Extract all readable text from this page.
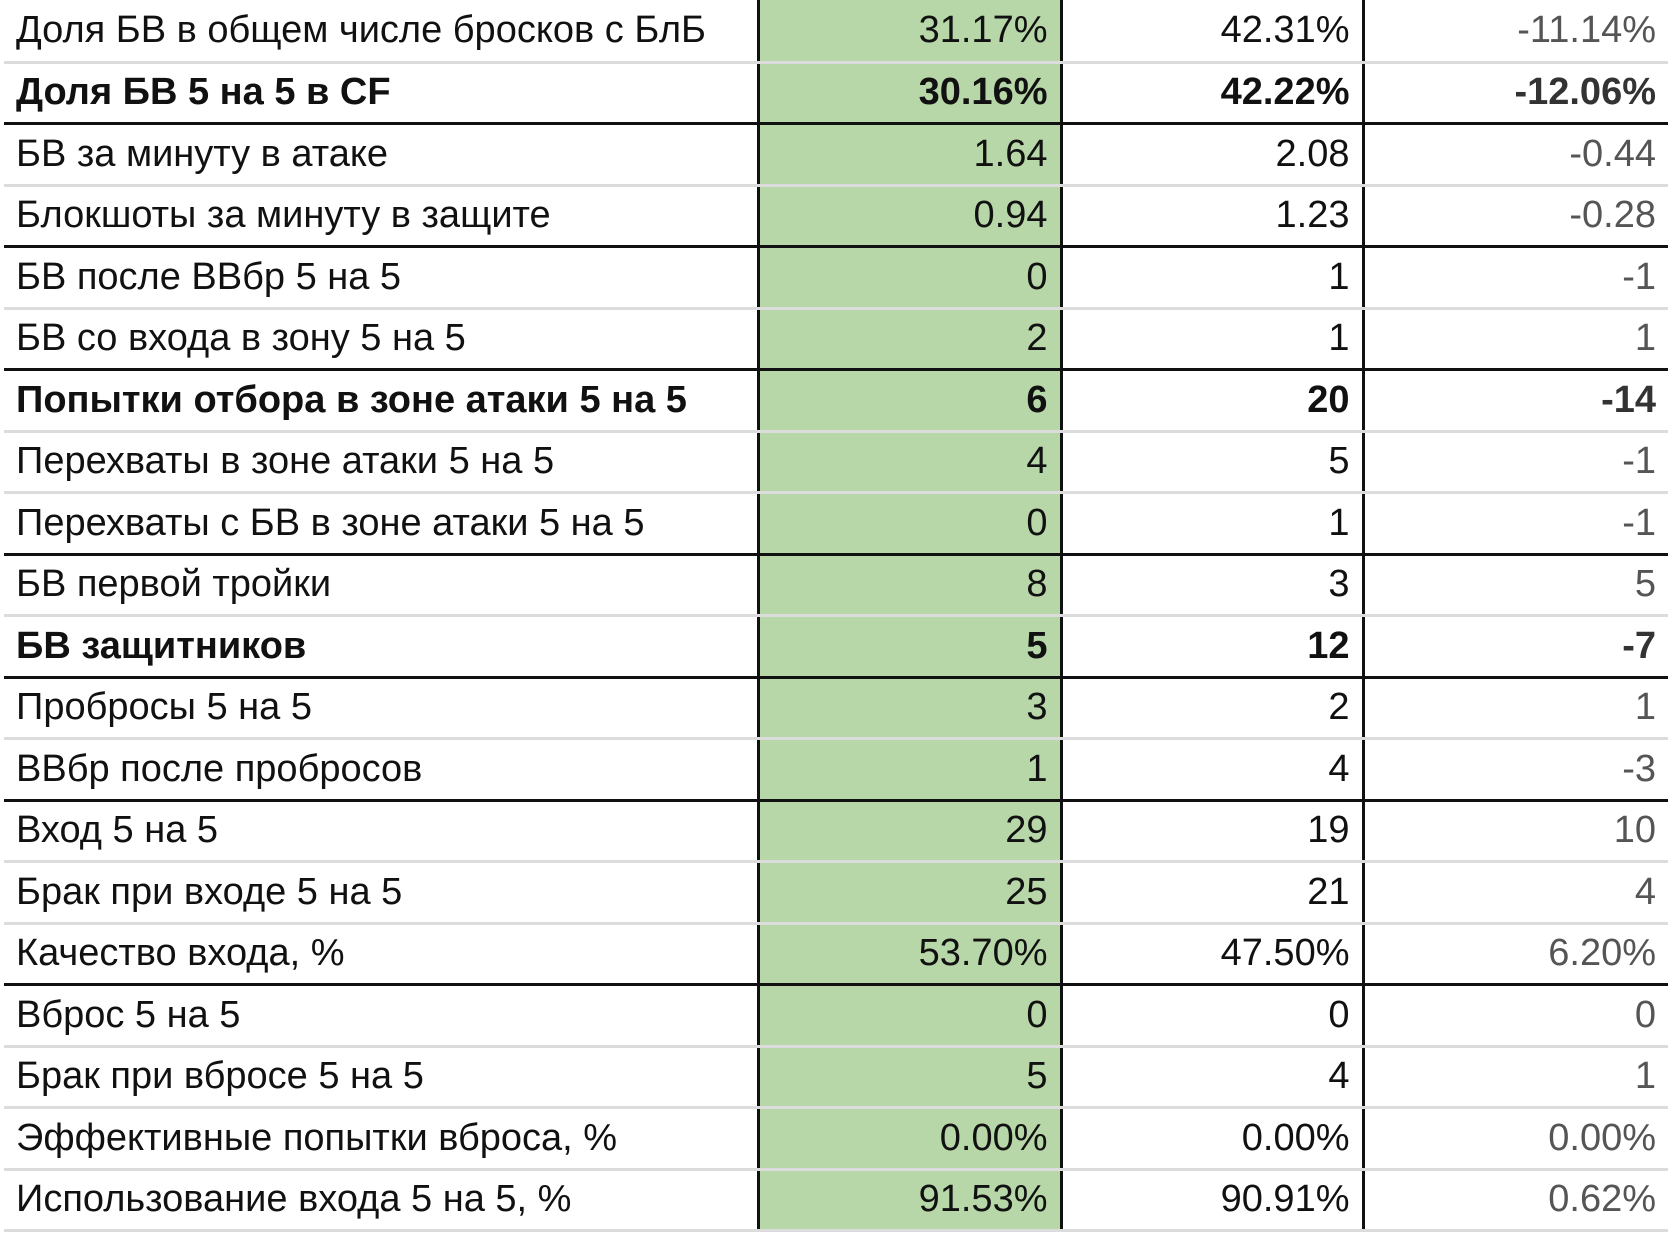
Доля БВ в общем числе бросков с БлБ	31.17%	42.31%	-11.14%
Доля БВ 5 на 5 в CF	30.16%	42.22%	-12.06%
БВ за минуту в атаке	1.64	2.08	-0.44
Блокшоты за минуту в защите	0.94	1.23	-0.28
БВ после ВВбр 5 на 5	0	1	-1
БВ со входа в зону 5 на 5	2	1	1
Попытки отбора в зоне атаки 5 на 5	6	20	-14
Перехваты в зоне атаки 5 на 5	4	5	-1
Перехваты с БВ в зоне атаки 5 на 5	0	1	-1
БВ первой тройки	8	3	5
БВ защитников	5	12	-7
Пробросы 5 на 5	3	2	1
ВВбр после пробросов	1	4	-3
Вход 5 на 5	29	19	10
Брак при входе 5 на 5	25	21	4
Качество входа, %	53.70%	47.50%	6.20%
Вброс 5 на 5	0	0	0
Брак при вбросе 5 на 5	5	4	1
Эффективные попытки вброса, %	0.00%	0.00%	0.00%
Использование входа 5 на 5, %	91.53%	90.91%	0.62%
